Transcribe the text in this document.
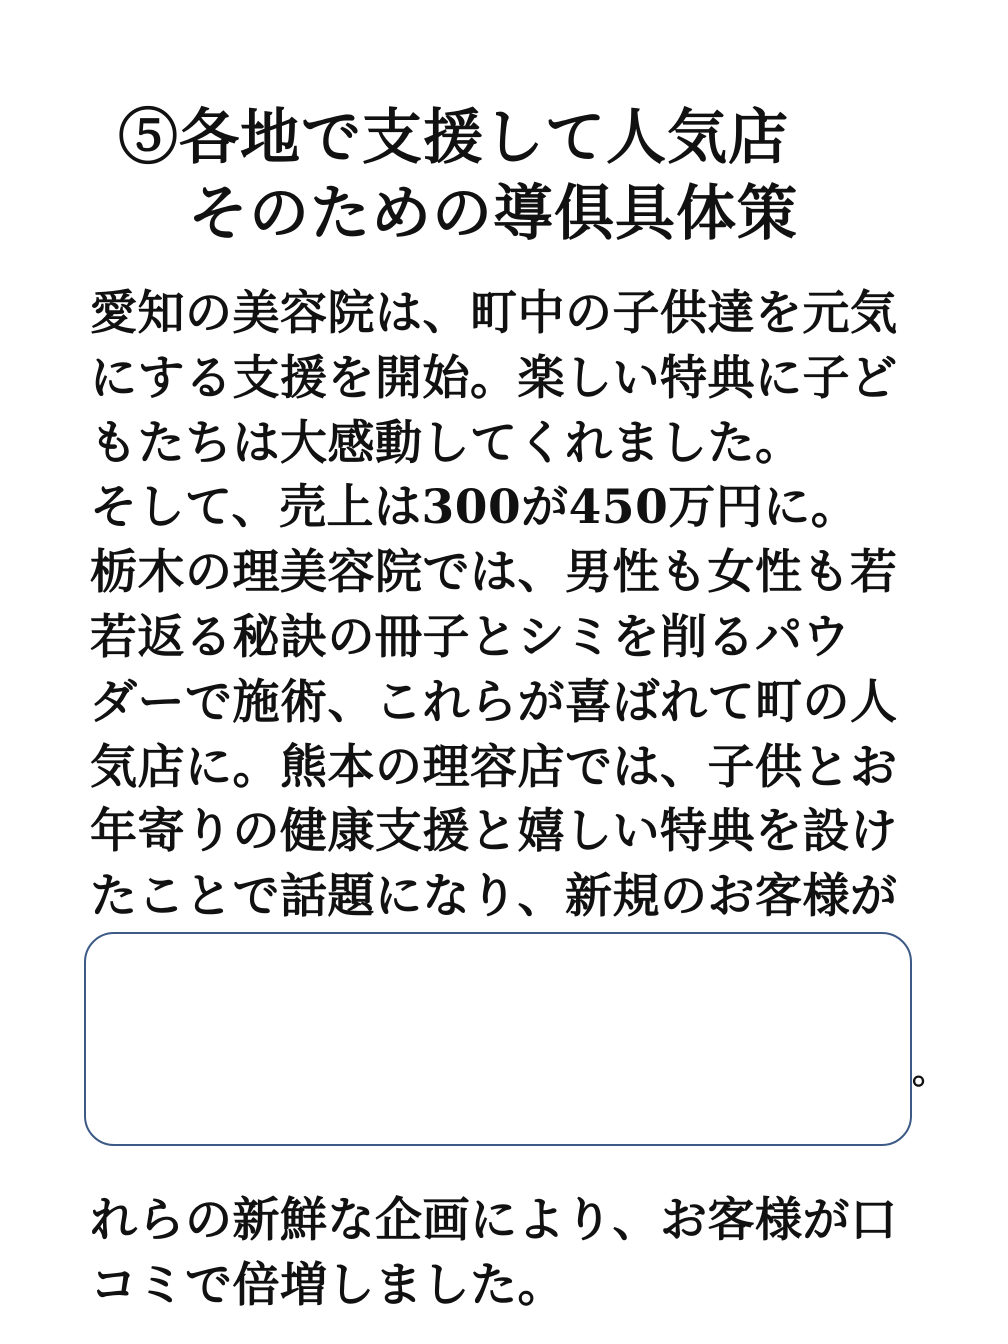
⑤各地で支援して人気店
そのための導俱具体策
愛知の美容院は、町中の子供達を元気
にする支援を開始。楽しい特典に子ど
もたちは大感動してくれました。
そして、売上は300が450万円に。
栃木の理美容院では、男性も女性も若
若返る秘訣の冊子とシミを削るパウ
ダーで施術、これらが喜ばれて町の人
気店に。熊本の理容店では、子供とお
年寄りの健康支援と嬉しい特典を設け
たことで話題になり、新規のお客様が
れらの新鮮な企画により、お客様が口
コミで倍増しました。
。
